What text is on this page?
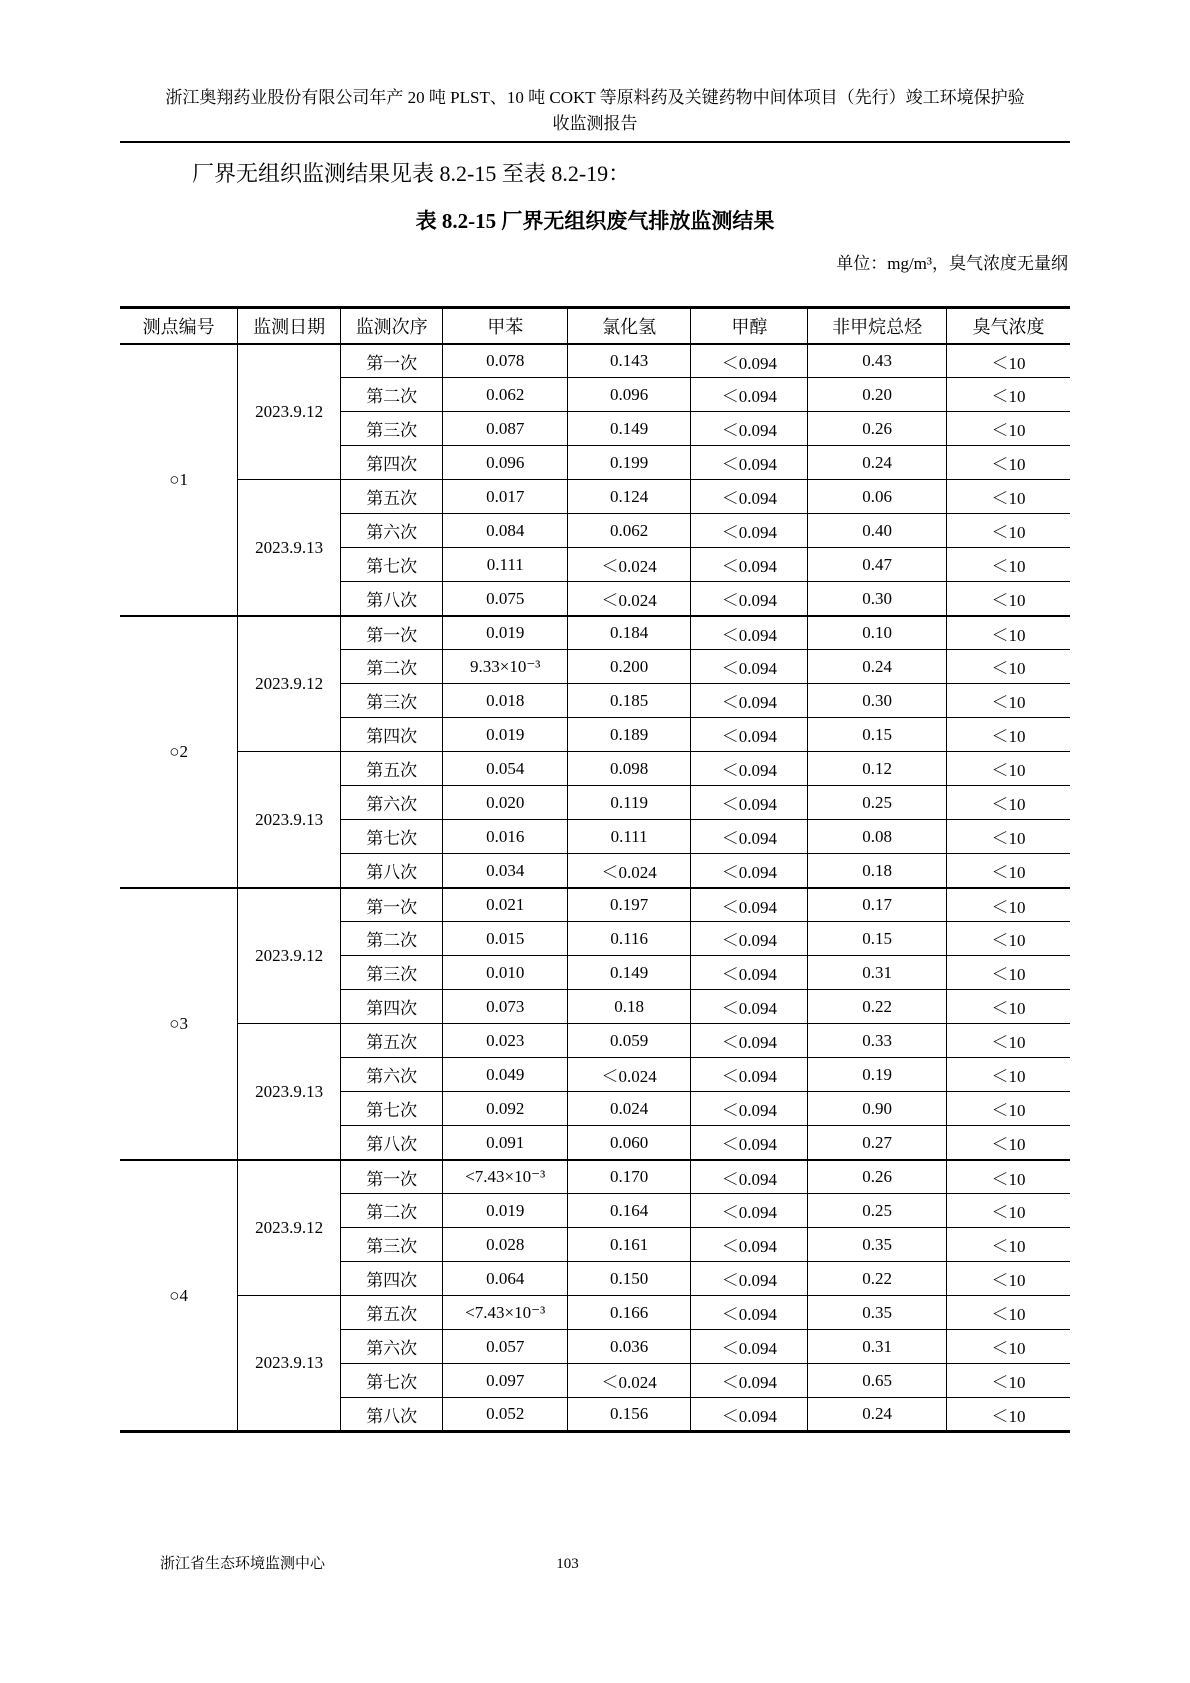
浙江奥翔药业股份有限公司年产 20 吨 PLST、10 吨 COKT 等原料药及关键药物中间体项目（先行）竣工环境保护验
收监测报告

厂界无组织监测结果见表 8.2-15 至表 8.2-19：

表 8.2-15 厂界无组织废气排放监测结果
单位：mg/m³，臭气浓度无量纲
测点编号	监测日期	监测次序	甲苯	氯化氢	甲醇	非甲烷总烃	臭气浓度
○1	2023.9.12	第一次	0.078	0.143	＜0.094	0.43	＜10
		第二次	0.062	0.096	＜0.094	0.20	＜10
		第三次	0.087	0.149	＜0.094	0.26	＜10
		第四次	0.096	0.199	＜0.094	0.24	＜10
	2023.9.13	第五次	0.017	0.124	＜0.094	0.06	＜10
		第六次	0.084	0.062	＜0.094	0.40	＜10
		第七次	0.111	＜0.024	＜0.094	0.47	＜10
		第八次	0.075	＜0.024	＜0.094	0.30	＜10
○2	2023.9.12	第一次	0.019	0.184	＜0.094	0.10	＜10
		第二次	9.33×10⁻³	0.200	＜0.094	0.24	＜10
		第三次	0.018	0.185	＜0.094	0.30	＜10
		第四次	0.019	0.189	＜0.094	0.15	＜10
	2023.9.13	第五次	0.054	0.098	＜0.094	0.12	＜10
		第六次	0.020	0.119	＜0.094	0.25	＜10
		第七次	0.016	0.111	＜0.094	0.08	＜10
		第八次	0.034	＜0.024	＜0.094	0.18	＜10
○3	2023.9.12	第一次	0.021	0.197	＜0.094	0.17	＜10
		第二次	0.015	0.116	＜0.094	0.15	＜10
		第三次	0.010	0.149	＜0.094	0.31	＜10
		第四次	0.073	0.18	＜0.094	0.22	＜10
	2023.9.13	第五次	0.023	0.059	＜0.094	0.33	＜10
		第六次	0.049	＜0.024	＜0.094	0.19	＜10
		第七次	0.092	0.024	＜0.094	0.90	＜10
		第八次	0.091	0.060	＜0.094	0.27	＜10
○4	2023.9.12	第一次	<7.43×10⁻³	0.170	＜0.094	0.26	＜10
		第二次	0.019	0.164	＜0.094	0.25	＜10
		第三次	0.028	0.161	＜0.094	0.35	＜10
		第四次	0.064	0.150	＜0.094	0.22	＜10
	2023.9.13	第五次	<7.43×10⁻³	0.166	＜0.094	0.35	＜10
		第六次	0.057	0.036	＜0.094	0.31	＜10
		第七次	0.097	＜0.024	＜0.094	0.65	＜10
		第八次	0.052	0.156	＜0.094	0.24	＜10
浙江省生态环境监测中心	103
